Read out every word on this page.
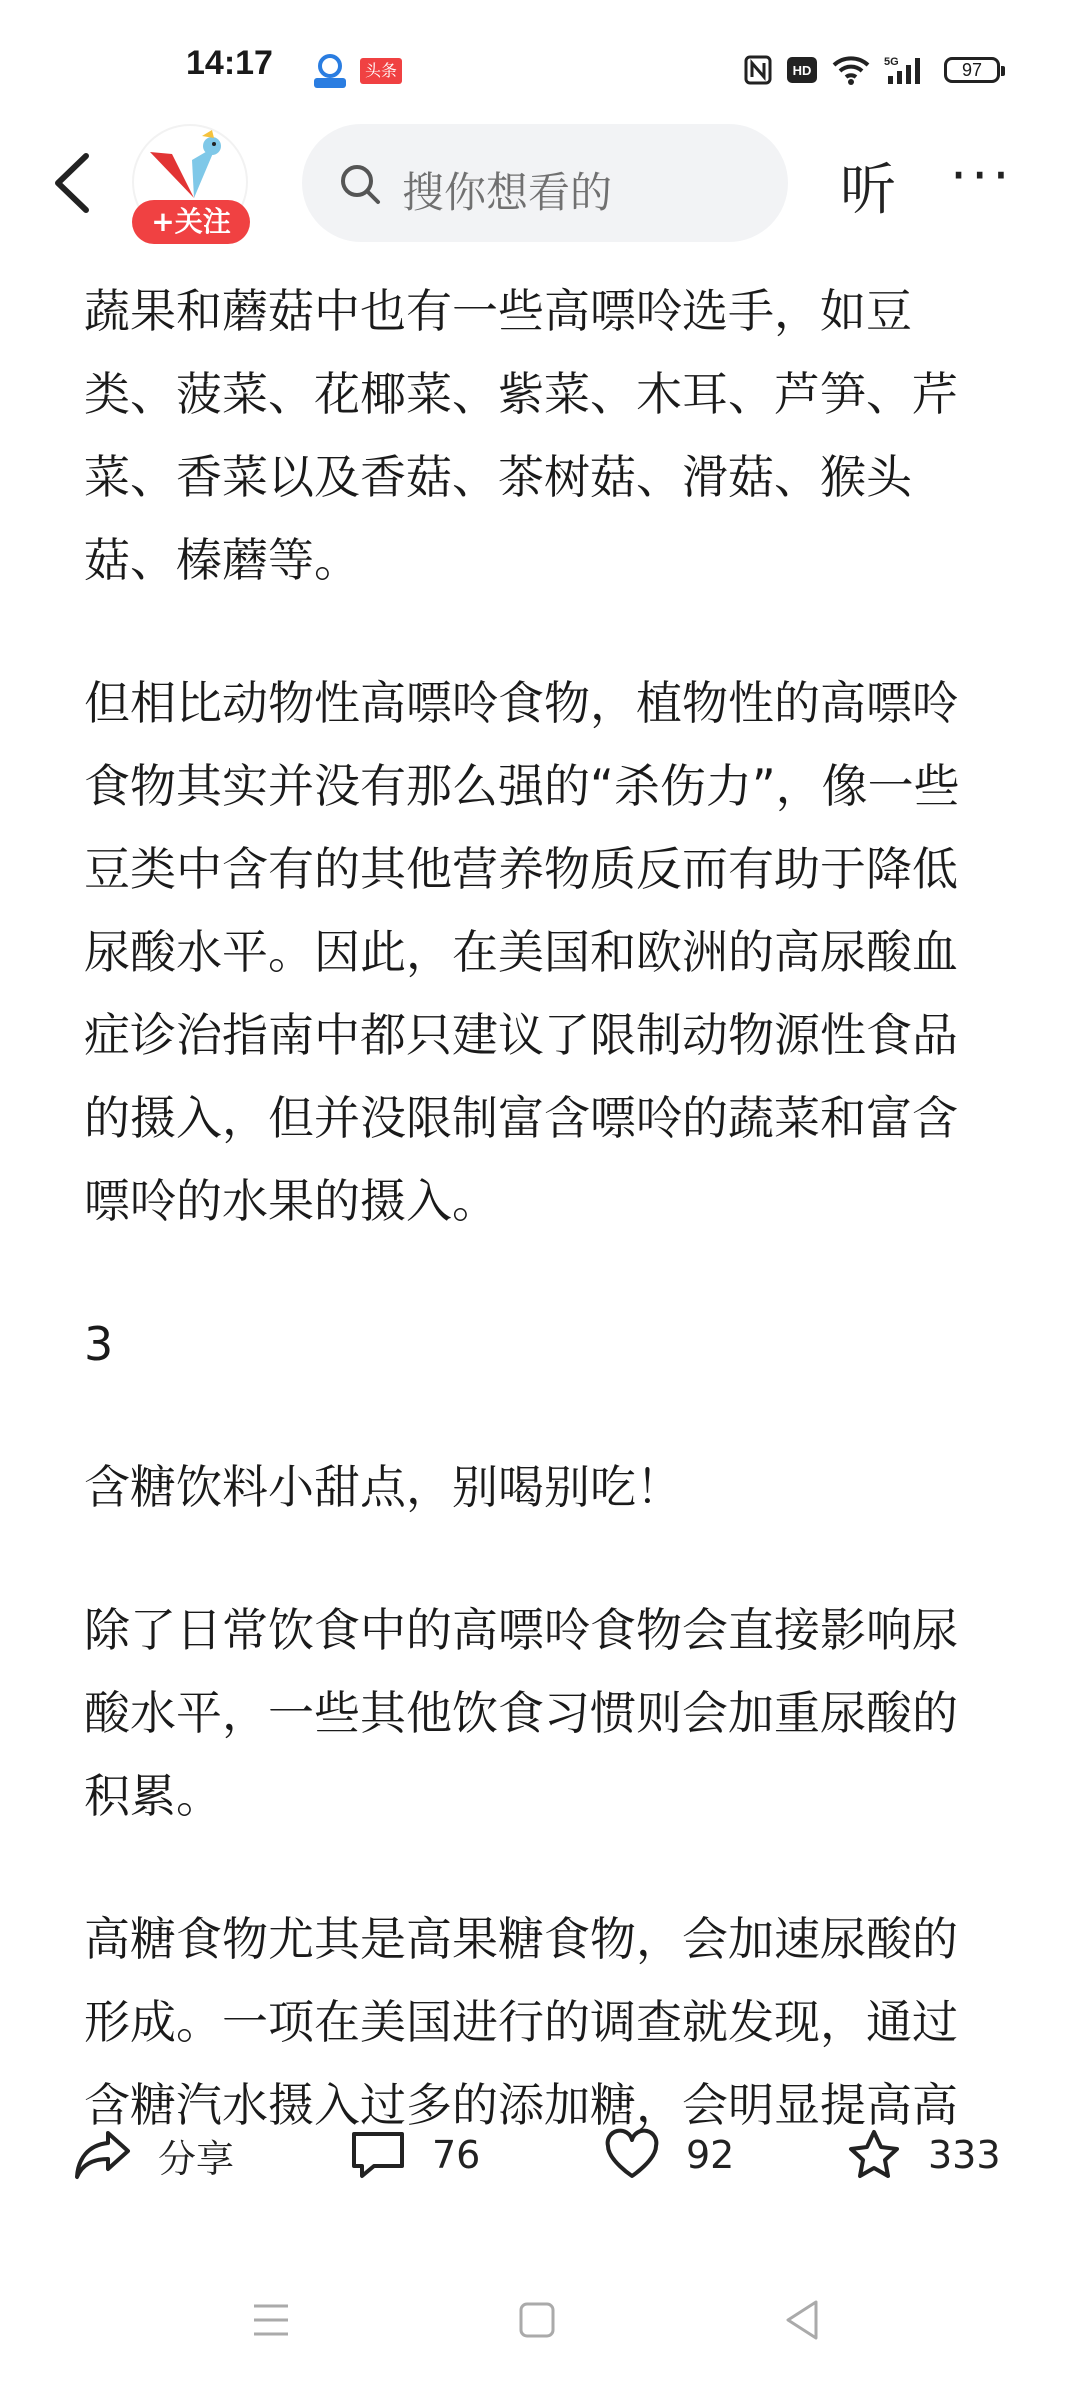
14:17	头条	HD
5G	97
+关注
搜你想看的	听 ···

蔬果和蘑菇中也有一些高嘌呤选手，如豆类、菠菜、花椰菜、紫菜、木耳、芦笋、芹菜、香菜以及香菇、茶树菇、滑菇、猴头菇、榛蘑等。

但相比动物性高嘌呤食物，植物性的高嘌呤食物其实并没有那么强的“杀伤力”，像一些豆类中含有的其他营养物质反而有助于降低尿酸水平。因此，在美国和欧洲的高尿酸血症诊治指南中都只建议了限制动物源性食品的摄入，但并没限制富含嘌呤的蔬菜和富含嘌呤的水果的摄入。

3

含糖饮料小甜点，别喝别吃！

除了日常饮食中的高嘌呤食物会直接影响尿酸水平，一些其他饮食习惯则会加重尿酸的积累。

高糖食物尤其是高果糖食物，会加速尿酸的形成。一项在美国进行的调查就发现，通过含糖汽水摄入过多的添加糖，会明显提高高

分享	76	92	333
